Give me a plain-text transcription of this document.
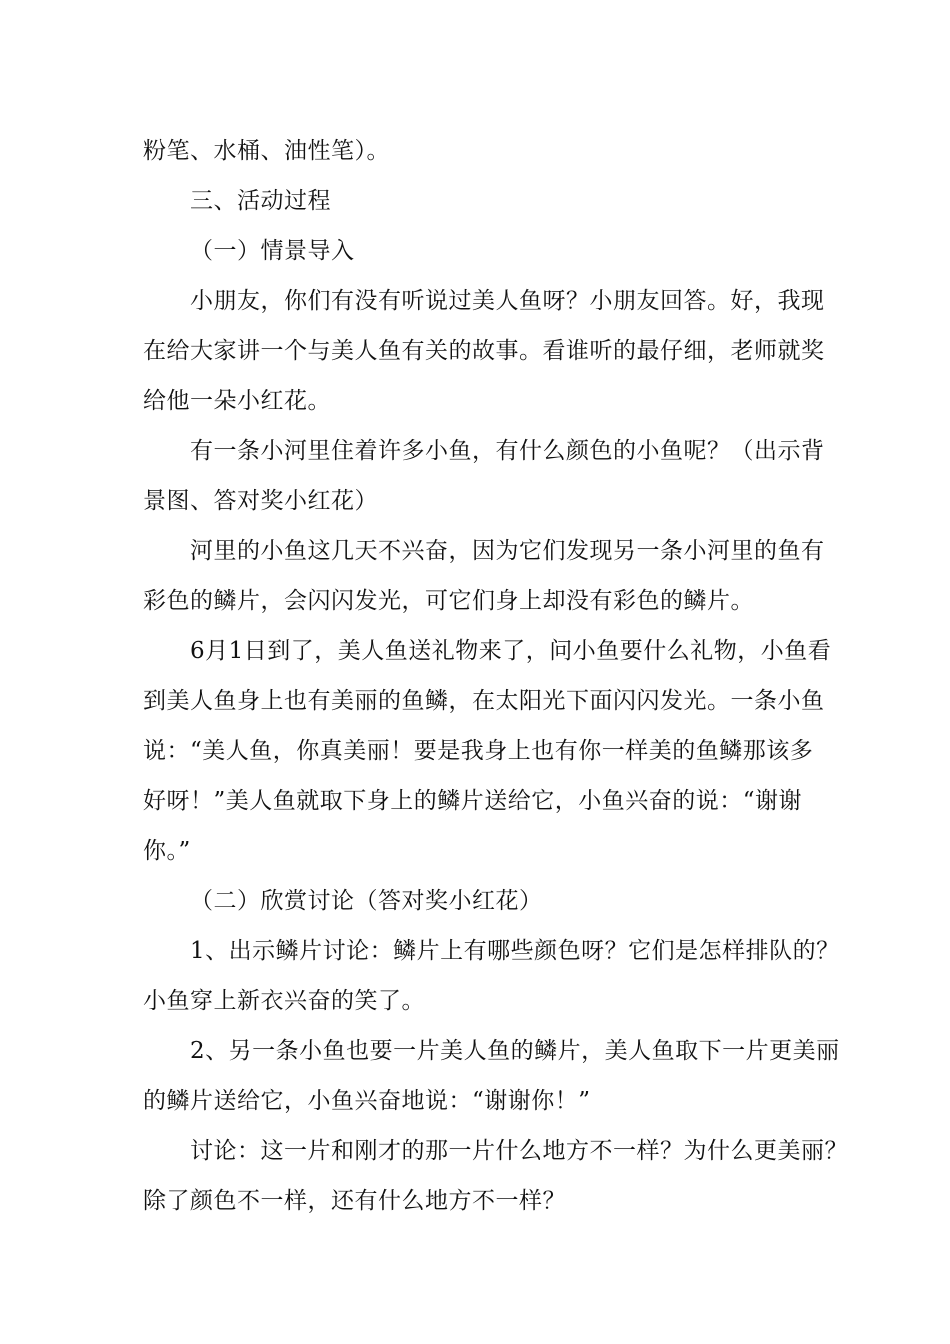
粉笔、水桶、油性笔）。
三、活动过程
（一）情景导入
小朋友，你们有没有听说过美人鱼呀？小朋友回答。好，我现
在给大家讲一个与美人鱼有关的故事。看谁听的最仔细，老师就奖
给他一朵小红花。
有一条小河里住着许多小鱼，有什么颜色的小鱼呢？（出示背
景图、答对奖小红花）
河里的小鱼这几天不兴奋，因为它们发现另一条小河里的鱼有
彩色的鳞片，会闪闪发光，可它们身上却没有彩色的鳞片。
6月1日到了，美人鱼送礼物来了，问小鱼要什么礼物，小鱼看
到美人鱼身上也有美丽的鱼鳞，在太阳光下面闪闪发光。一条小鱼
说：“美人鱼，你真美丽！要是我身上也有你一样美的鱼鳞那该多
好呀！”美人鱼就取下身上的鳞片送给它，小鱼兴奋的说：“谢谢
你。”
（二）欣赏讨论（答对奖小红花）
1、出示鳞片讨论：鳞片上有哪些颜色呀？它们是怎样排队的？
小鱼穿上新衣兴奋的笑了。
2、另一条小鱼也要一片美人鱼的鳞片，美人鱼取下一片更美丽
的鳞片送给它，小鱼兴奋地说：“谢谢你！”
讨论：这一片和刚才的那一片什么地方不一样？为什么更美丽？
除了颜色不一样，还有什么地方不一样？
